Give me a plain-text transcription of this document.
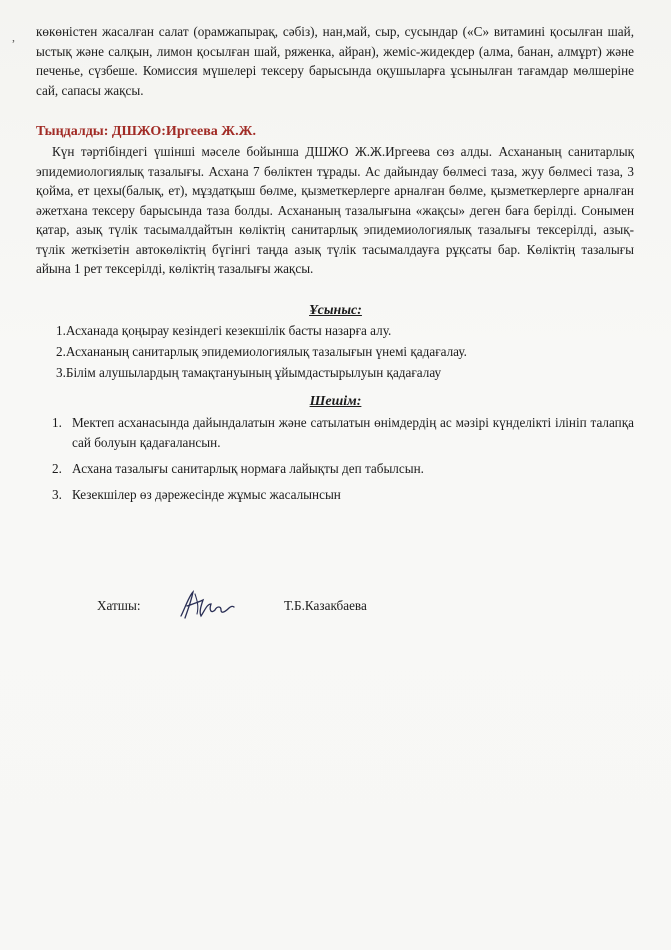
, көкөністен жасалған салат (орамжапырақ, сәбіз), нан,май, сыр, сусындар («С» витамині қосылған шай, ыстық және салқын, лимон қосылған шай, ряженка, айран), жеміс-жидекдер (алма, банан, алмұрт) және печенье, сүзбеше. Комиссия мүшелері тексеру барысында оқушыларға ұсынылған тағамдар мөлшеріне сай, сапасы жақсы.
Тыңдалды: ДШЖО:Иргеева Ж.Ж.
Күн тәртібіндегі үшінші мәселе бойынша ДШЖО Ж.Ж.Иргеева сөз алды. Асхананың санитарлық эпидемиологиялық тазалығы. Асхана 7 бөліктен тұрады. Ас дайындау бөлмесі таза, жуу бөлмесі таза, 3 қойма, ет цехы(балық, ет), мұздатқыш бөлме, қызметкерлерге арналған бөлме, қызметкерлерге арналған әжетхана тексеру барысында таза болды. Асхананың тазалығына «жақсы» деген баға берілді. Сонымен қатар, азық түлік тасымалдайтын көліктің санитарлық эпидемиологиялық тазалығы тексерілді, азық-түлік жеткізетін автокөліктің бүгінгі таңда азық түлік тасымалдауға рұқсаты бар. Көліктің тазалығы айына 1 рет тексерілді, көліктің тазалығы жақсы.
Ұсыныс:
1.Асханада қоңырау кезіндегі кезекшілік басты назарға алу.
2.Асхананың санитарлық эпидемиологиялық тазалығын үнемі қадағалау.
3.Білім алушылардың тамақтануының ұйымдастырылуын қадағалау
Шешім:
1. Мектеп асханасында дайындалатын және сатылатын өнімдердің ас мәзірі күнделікті ілініп талапқа сай болуын қадағалансын.
2. Асхана тазалығы санитарлық нормаға лайықты деп табылсын.
3. Кезекшілер өз дәрежесінде жұмыс жасалынсын
Хатшы:	Т.Б.Казакбаева
